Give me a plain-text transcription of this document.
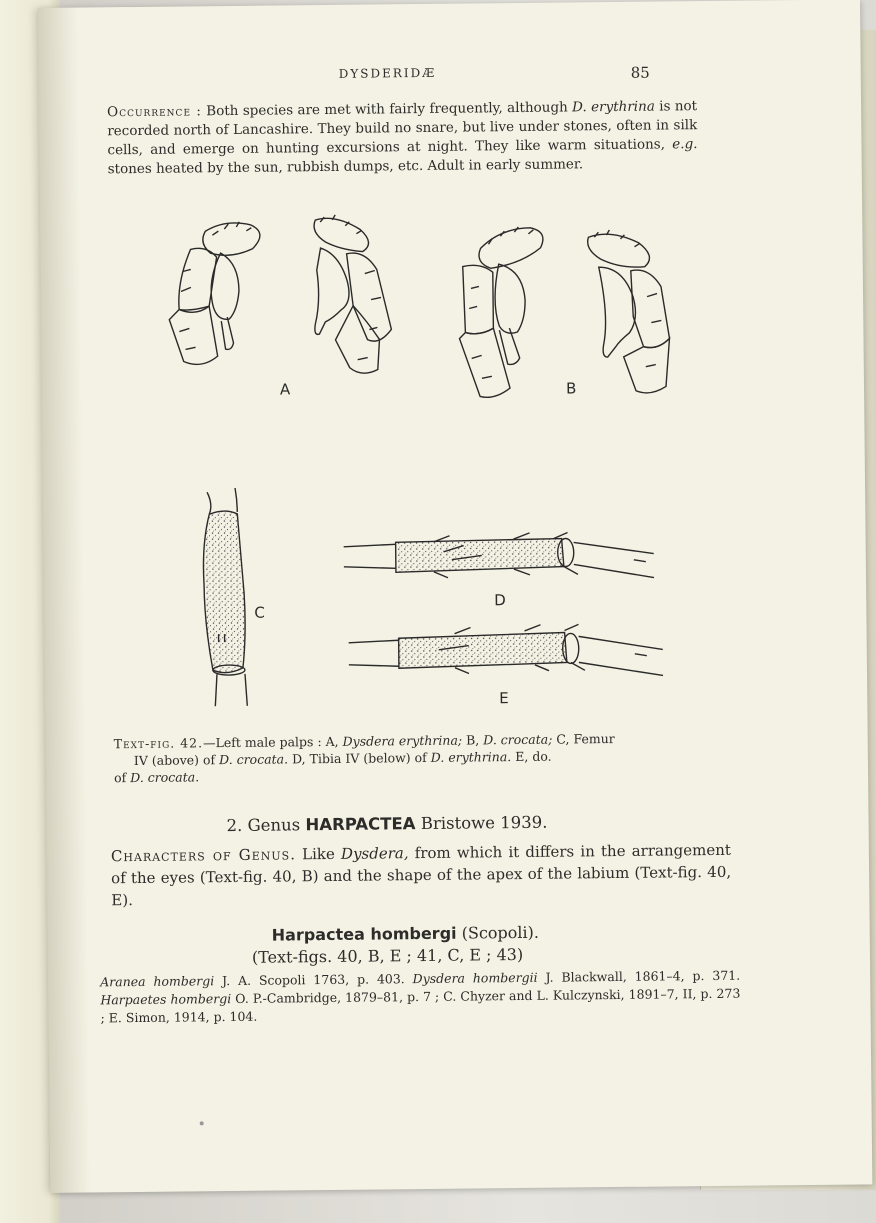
DYSDERIDÆ	85
Occurrence : Both species are met with fairly frequently, although D. erythrina is not recorded north of Lancashire. They build no snare, but live under stones, often in silk cells, and emerge on hunting excursions at night. They like warm situations, e.g. stones heated by the sun, rubbish dumps, etc. Adult in early summer.
A	B
C
D
E
Text-fig. 42.—Left male palps : A, Dysdera erythrina; B, D. crocata; C, Femur
IV (above) of D. crocata. D, Tibia IV (below) of D. erythrina. E, do.
of D. crocata.
2. Genus HARPACTEA Bristowe 1939.
Characters of Genus. Like Dysdera, from which it differs in the arrangement of the eyes (Text-fig. 40, B) and the shape of the apex of the labium (Text-fig. 40, E).
Harpactea hombergi (Scopoli).
(Text-figs. 40, B, E ; 41, C, E ; 43)
Aranea hombergi J. A. Scopoli 1763, p. 403. Dysdera hombergii J. Blackwall, 1861–4, p. 371. Harpaetes hombergi O. P.-Cambridge, 1879–81, p. 7 ; C. Chyzer and L. Kulczynski, 1891–7, II, p. 273 ; E. Simon, 1914, p. 104.
